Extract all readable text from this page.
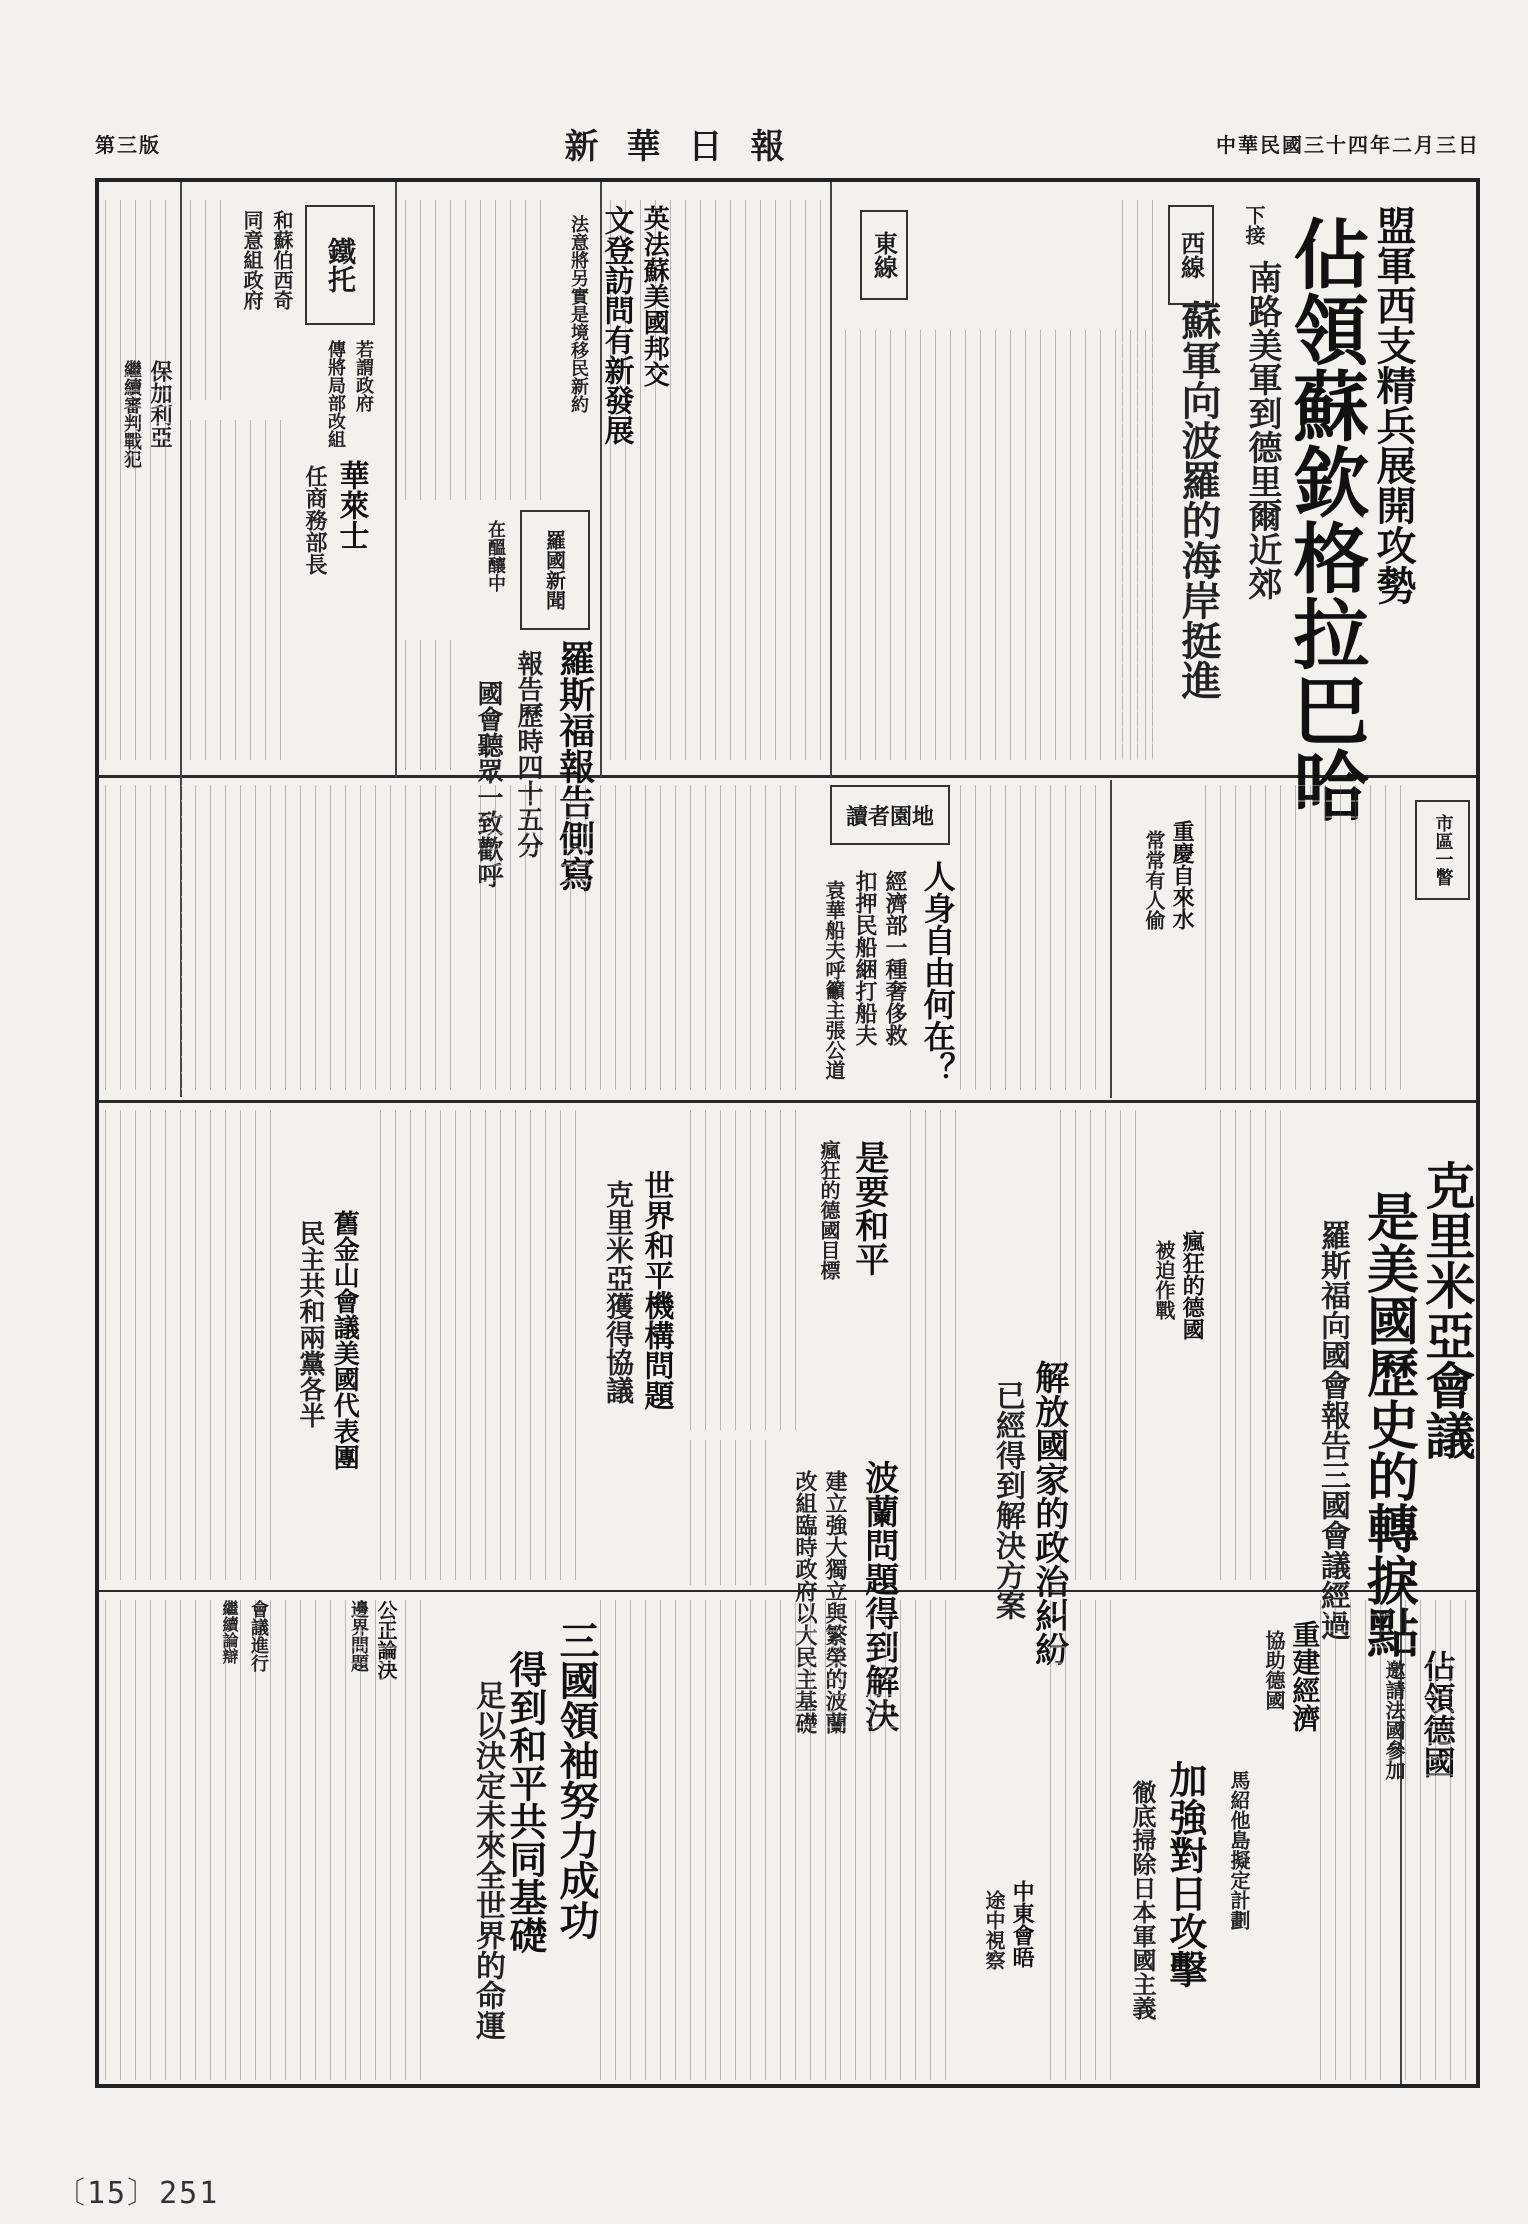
第三版	新華日報	中華民國三十四年二月三日
盟軍西支精兵展開攻勢
佔領蘇欽格拉巴哈
南路美軍到德里爾近郊
蘇軍向波羅的海岸挺進
下接
西線
東線
英法蘇美國邦交
文登訪問有新發展
法意將另實是境移民新約
羅國新聞
在醞釀中
羅斯福報告側寫
報告歷時四十五分
國會聽眾一致歡呼
鐵托
和蘇伯西奇
同意組政府
華萊士
任商務部長
若謂政府
傳將局部改組
保加利亞
繼續審判戰犯
讀者園地
人身自由何在？
經濟部一種奢侈救
扣押民船綑打船夫
袁華船夫呼籲主張公道
重慶自來水
常常有人偷	市區一瞥
克里米亞會議
是美國歷史的轉捩點
羅斯福向國會報告三國會議經過
瘋狂的德國
被迫作戰
解放國家的政治糾紛
已經得到解決方案
是要和平
瘋狂的德國目標
波蘭問題得到解決
建立強大獨立與繁榮的波蘭
改組臨時政府以大民主基礎
世界和平機構問題
克里米亞獲得協議
舊金山會議美國代表團
民主共和兩黨各半
公正論決
邊界問題
佔領德國
邀請法國參加
重建經濟
協助德國
加強對日攻擊
徹底掃除日本軍國主義	馬紹他島擬定計劃
中東會晤
途中視察
三國領袖努力成功
得到和平共同基礎
足以決定未來全世界的命運
會議進行
繼續論辯
〔15〕251
